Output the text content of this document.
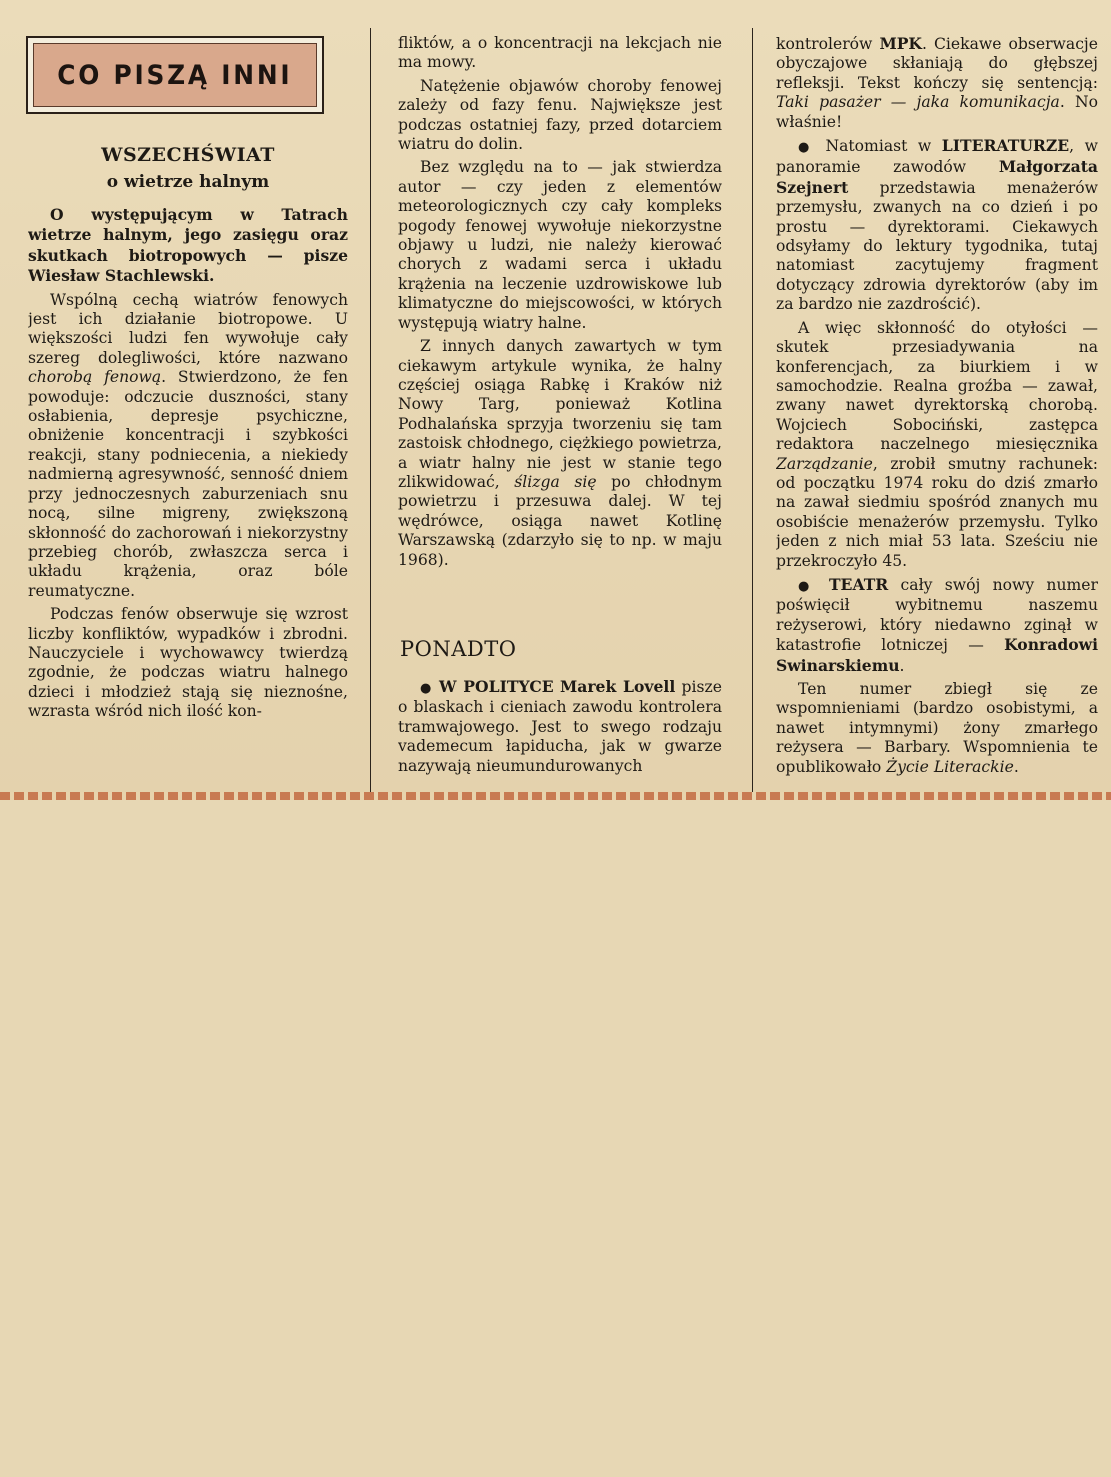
CO PISZĄ INNI
WSZECHŚWIAT
o wietrze halnym

O występującym w Tatrach wietrze halnym, jego zasięgu oraz skutkach biotropowych — pisze Wiesław Stachlewski.

Wspólną cechą wiatrów fenowych jest ich działanie biotropowe. U większości ludzi fen wywołuje cały szereg dolegliwości, które nazwano chorobą fenową. Stwierdzono, że fen powoduje: odczucie duszności, stany osłabienia, depresje psychiczne, obniżenie koncentracji i szybkości reakcji, stany podniecenia, a niekiedy nadmierną agresywność, senność dniem przy jednoczesnych zaburzeniach snu nocą, silne migreny, zwiększoną skłonność do zachorowań i niekorzystny przebieg chorób, zwłaszcza serca i układu krążenia, oraz bóle reumatyczne.

Podczas fenów obserwuje się wzrost liczby konfliktów, wypadków i zbrodni. Nauczyciele i wychowawcy twierdzą zgodnie, że podczas wiatru halnego dzieci i młodzież stają się nieznośne, wzrasta wśród nich ilość kon-

fliktów, a o koncentracji na lekcjach nie ma mowy.

Natężenie objawów choroby fenowej zależy od fazy fenu. Największe jest podczas ostatniej fazy, przed dotarciem wiatru do dolin.

Bez względu na to — jak stwierdza autor — czy jeden z elementów meteorologicznych czy cały kompleks pogody fenowej wywołuje niekorzystne objawy u ludzi, nie należy kierować chorych z wadami serca i układu krążenia na leczenie uzdrowiskowe lub klimatyczne do miejscowości, w których występują wiatry halne.

Z innych danych zawartych w tym ciekawym artykule wynika, że halny częściej osiąga Rabkę i Kraków niż Nowy Targ, ponieważ Kotlina Podhalańska sprzyja tworzeniu się tam zastoisk chłodnego, ciężkiego powietrza, a wiatr halny nie jest w stanie tego zlikwidować, ślizga się po chłodnym powietrzu i przesuwa dalej. W tej wędrówce, osiąga nawet Kotlinę Warszawską (zdarzyło się to np. w maju 1968).

PONADTO

● W POLITYCE Marek Lovell pisze o blaskach i cieniach zawodu kontrolera tramwajowego. Jest to swego rodzaju vademecum łapiducha, jak w gwarze nazywają nieumundurowanych

kontrolerów MPK. Ciekawe obserwacje obyczajowe skłaniają do głębszej refleksji. Tekst kończy się sentencją: Taki pasażer — jaka komunikacja. No właśnie!

● Natomiast w LITERATURZE, w panoramie zawodów Małgorzata Szejnert przedstawia menażerów przemysłu, zwanych na co dzień i po prostu — dyrektorami. Ciekawych odsyłamy do lektury tygodnika, tutaj natomiast zacytujemy fragment dotyczący zdrowia dyrektorów (aby im za bardzo nie zazdrościć).

A więc skłonność do otyłości — skutek przesiadywania na konferencjach, za biurkiem i w samochodzie. Realna groźba — zawał, zwany nawet dyrektorską chorobą. Wojciech Sobociński, zastępca redaktora naczelnego miesięcznika Zarządzanie, zrobił smutny rachunek: od początku 1974 roku do dziś zmarło na zawał siedmiu spośród znanych mu osobiście menażerów przemysłu. Tylko jeden z nich miał 53 lata. Sześciu nie przekroczyło 45.

● TEATR cały swój nowy numer poświęcił wybitnemu naszemu reżyserowi, który niedawno zginął w katastrofie lotniczej — Konradowi Swinarskiemu.

Ten numer zbiegł się ze wspomnieniami (bardzo osobistymi, a nawet intymnymi) żony zmarłego reżysera — Barbary. Wspomnienia te opublikowało Życie Literackie.
